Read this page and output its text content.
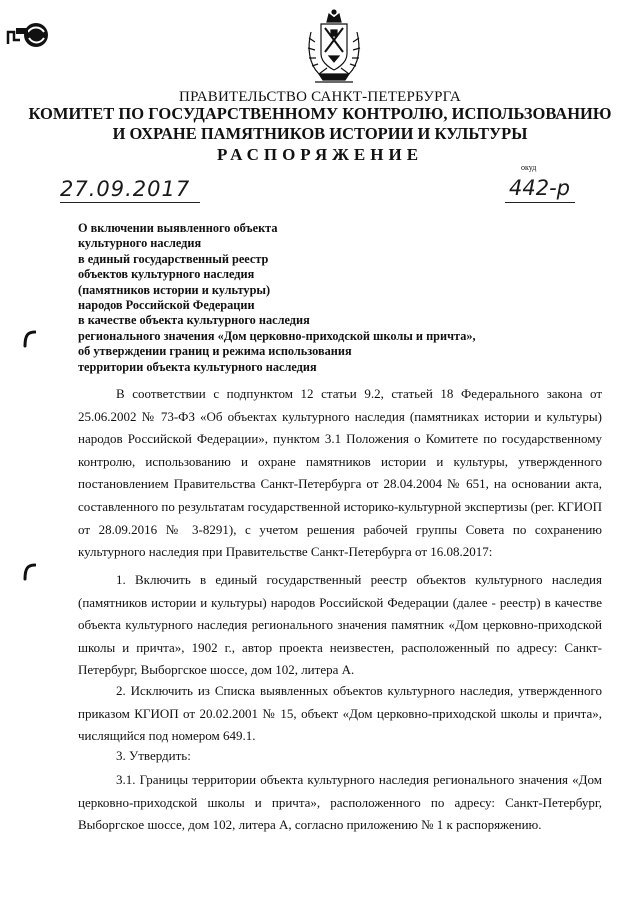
ПРАВИТЕЛЬСТВО САНКТ-ПЕТЕРБУРГА
КОМИТЕТ ПО ГОСУДАРСТВЕННОМУ КОНТРОЛЮ, ИСПОЛЬЗОВАНИЮ
И ОХРАНЕ ПАМЯТНИКОВ ИСТОРИИ И КУЛЬТУРЫ
РАСПОРЯЖЕНИЕ
окуд
27.09.2017	442-р
О включении выявленного объекта
культурного наследия
в единый государственный реестр
объектов культурного наследия
(памятников истории и культуры)
народов Российской Федерации
в качестве объекта культурного наследия
регионального значения «Дом церковно-приходской школы и причта»,
об утверждении границ и режима использования
территории объекта культурного наследия
В соответствии с подпунктом 12 статьи 9.2, статьей 18 Федерального закона от 25.06.2002 № 73-ФЗ «Об объектах культурного наследия (памятниках истории и культуры) народов Российской Федерации», пунктом 3.1 Положения о Комитете по государственному контролю, использованию и охране памятников истории и культуры, утвержденного постановлением Правительства Санкт-Петербурга от 28.04.2004 № 651, на основании акта, составленного по результатам государственной историко-культурной экспертизы (рег. КГИОП от 28.09.2016 № 3-8291), с учетом решения рабочей группы Совета по сохранению культурного наследия при Правительстве Санкт-Петербурга от 16.08.2017:
1. Включить в единый государственный реестр объектов культурного наследия (памятников истории и культуры) народов Российской Федерации (далее - реестр) в качестве объекта культурного наследия регионального значения памятник «Дом церковно-приходской школы и причта», 1902 г., автор проекта неизвестен, расположенный по адресу: Санкт-Петербург, Выборгское шоссе, дом 102, литера А.
2. Исключить из Списка выявленных объектов культурного наследия, утвержденного приказом КГИОП от 20.02.2001 № 15, объект «Дом церковно-приходской школы и причта», числящийся под номером 649.1.
3. Утвердить:
3.1. Границы территории объекта культурного наследия регионального значения «Дом церковно-приходской школы и причта», расположенного по адресу: Санкт-Петербург, Выборгское шоссе, дом 102, литера А, согласно приложению № 1 к распоряжению.
